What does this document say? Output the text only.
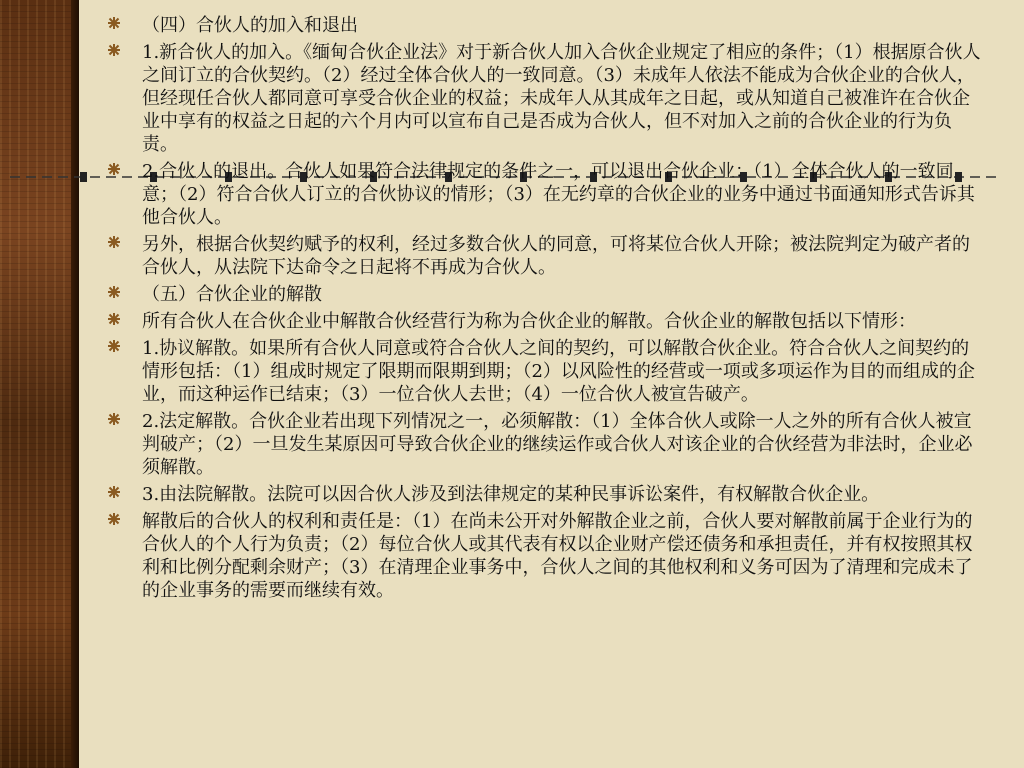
（四）合伙人的加入和退出
1.新合伙人的加入。《缅甸合伙企业法》对于新合伙人加入合伙企业规定了相应的条件；（1）根据原合伙人之间订立的合伙契约。（2）经过全体合伙人的一致同意。（3）未成年人依法不能成为合伙企业的合伙人，但经现任合伙人都同意可享受合伙企业的权益；未成年人从其成年之日起，或从知道自己被准许在合伙企业中享有的权益之日起的六个月内可以宣布自己是否成为合伙人，但不对加入之前的合伙企业的行为负责。
2.合伙人的退出。合伙人如果符合法律规定的条件之一，可以退出合伙企业：（1）全体合伙人的一致同意；（2）符合合伙人订立的合伙协议的情形；（3）在无约章的合伙企业的业务中通过书面通知形式告诉其他合伙人。
另外，根据合伙契约赋予的权利，经过多数合伙人的同意，可将某位合伙人开除；被法院判定为破产者的合伙人，从法院下达命令之日起将不再成为合伙人。
（五）合伙企业的解散
所有合伙人在合伙企业中解散合伙经营行为称为合伙企业的解散。合伙企业的解散包括以下情形：
1.协议解散。如果所有合伙人同意或符合合伙人之间的契约，可以解散合伙企业。符合合伙人之间契约的情形包括：（1）组成时规定了限期而限期到期；（2）以风险性的经营或一项或多项运作为目的而组成的企业，而这种运作已结束；（3）一位合伙人去世；（4）一位合伙人被宣告破产。
2.法定解散。合伙企业若出现下列情况之一，必须解散：（1）全体合伙人或除一人之外的所有合伙人被宣判破产；（2）一旦发生某原因可导致合伙企业的继续运作或合伙人对该企业的合伙经营为非法时，企业必须解散。
3.由法院解散。法院可以因合伙人涉及到法律规定的某种民事诉讼案件，有权解散合伙企业。
解散后的合伙人的权利和责任是：（1）在尚未公开对外解散企业之前，合伙人要对解散前属于企业行为的合伙人的个人行为负责；（2）每位合伙人或其代表有权以企业财产偿还债务和承担责任，并有权按照其权利和比例分配剩余财产；（3）在清理企业事务中，合伙人之间的其他权利和义务可因为了清理和完成未了的企业事务的需要而继续有效。
